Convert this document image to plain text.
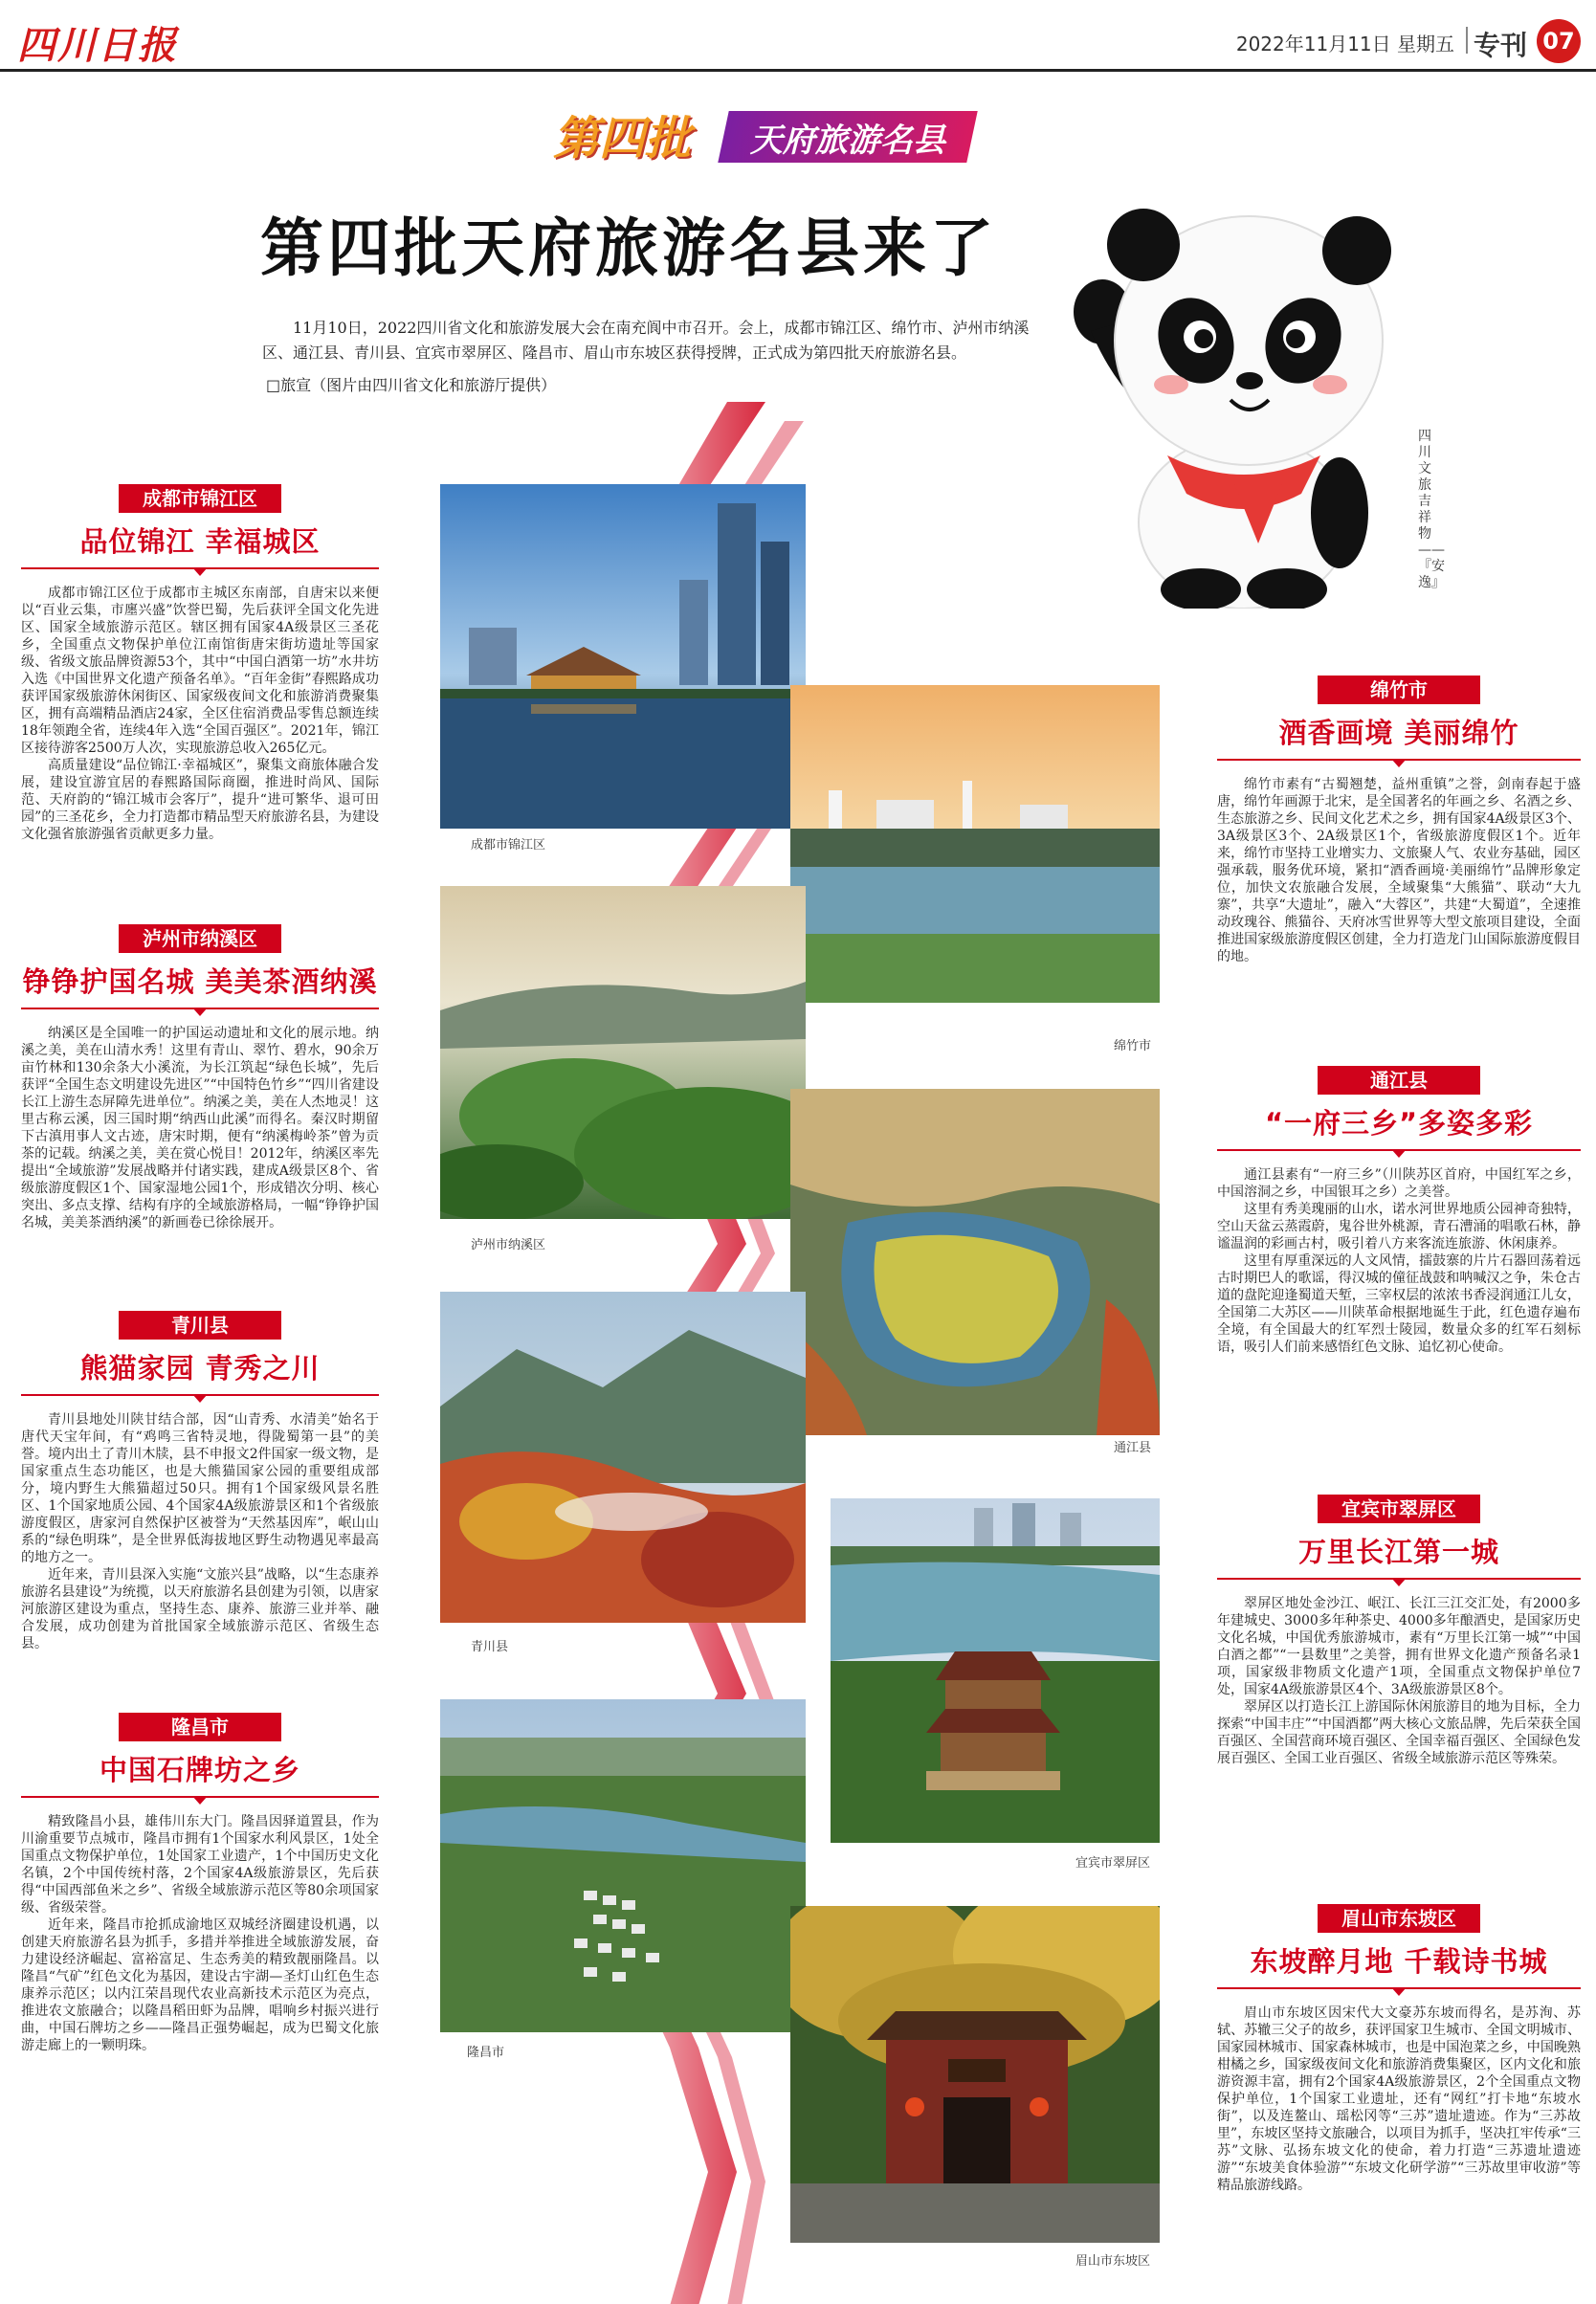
四川日报	2022年11月11日 星期五 专刊 07
第四批 天府旅游名县
第四批天府旅游名县来了

11月10日，2022四川省文化和旅游发展大会在南充阆中市召开。会上，成都市锦江区、绵竹市、泸州市纳溪区、通江县、青川县、宜宾市翠屏区、隆昌市、眉山市东坡区获得授牌，正式成为第四批天府旅游名县。

□旅宣（图片由四川省文化和旅游厅提供）
四川文旅吉祥物——『安逸』
成都市锦江区
绵竹市
泸州市纳溪区
通江县
青川县
宜宾市翠屏区
隆昌市
眉山市东坡区
成都市锦江区
品位锦江 幸福城区

成都市锦江区位于成都市主城区东南部，自唐宋以来便以“百业云集，市廛兴盛”饮誉巴蜀，先后获评全国文化先进区、国家全域旅游示范区。辖区拥有国家4A级景区三圣花乡，全国重点文物保护单位江南馆街唐宋街坊遗址等国家级、省级文旅品牌资源53个，其中“中国白酒第一坊”水井坊入选《中国世界文化遗产预备名单》。“百年金街”春熙路成功获评国家级旅游休闲街区、国家级夜间文化和旅游消费聚集区，拥有高端精品酒店24家，全区住宿消费品零售总额连续18年领跑全省，连续4年入选“全国百强区”。2021年，锦江区接待游客2500万人次，实现旅游总收入265亿元。

高质量建设“品位锦江·幸福城区”，聚集文商旅体融合发展，建设宜游宜居的春熙路国际商圈，推进时尚风、国际范、天府韵的“锦江城市会客厅”，提升“进可繁华、退可田园”的三圣花乡，全力打造都市精品型天府旅游名县，为建设文化强省旅游强省贡献更多力量。

泸州市纳溪区
铮铮护国名城 美美茶酒纳溪

纳溪区是全国唯一的护国运动遗址和文化的展示地。纳溪之美，美在山清水秀！这里有青山、翠竹、碧水，90余万亩竹林和130余条大小溪流，为长江筑起“绿色长城”，先后获评“全国生态文明建设先进区”“中国特色竹乡”“四川省建设长江上游生态屏障先进单位”。纳溪之美，美在人杰地灵！这里古称云溪，因三国时期“纳西山此溪”而得名。秦汉时期留下古滇用事人文古迹，唐宋时期，便有“纳溪梅岭茶”曾为贡茶的记载。纳溪之美，美在赏心悦目！2012年，纳溪区率先提出“全域旅游”发展战略并付诸实践，建成A级景区8个、省级旅游度假区1个、国家湿地公园1个，形成错次分明、核心突出、多点支撑、结构有序的全域旅游格局，一幅“铮铮护国名城，美美茶酒纳溪”的新画卷已徐徐展开。

青川县
熊猫家园 青秀之川

青川县地处川陕甘结合部，因“山青秀、水清美”始名于唐代天宝年间，有“鸡鸣三省特灵地，得陇蜀第一县”的美誉。境内出土了青川木牍，县不申报文2件国家一级文物，是国家重点生态功能区，也是大熊猫国家公园的重要组成部分，境内野生大熊猫超过50只。拥有1个国家级风景名胜区、1个国家地质公园、4个国家4A级旅游景区和1个省级旅游度假区，唐家河自然保护区被誉为“天然基因库”，岷山山系的“绿色明珠”，是全世界低海拔地区野生动物遇见率最高的地方之一。

近年来，青川县深入实施“文旅兴县”战略，以“生态康养旅游名县建设”为统揽，以天府旅游名县创建为引领，以唐家河旅游区建设为重点，坚持生态、康养、旅游三业并举、融合发展，成功创建为首批国家全域旅游示范区、省级生态县。

隆昌市
中国石牌坊之乡

精致隆昌小县，雄伟川东大门。隆昌因驿道置县，作为川渝重要节点城市，隆昌市拥有1个国家水利风景区，1处全国重点文物保护单位，1处国家工业遗产，1个中国历史文化名镇，2个中国传统村落，2个国家4A级旅游景区，先后获得“中国西部鱼米之乡”、省级全域旅游示范区等80余项国家级、省级荣誉。

近年来，隆昌市抢抓成渝地区双城经济圈建设机遇，以创建天府旅游名县为抓手，多措并举推进全域旅游发展，奋力建设经济崛起、富裕富足、生态秀美的精致靓丽隆昌。以隆昌“气矿”红色文化为基因，建设古宇湖—圣灯山红色生态康养示范区；以内江荣昌现代农业高新技术示范区为亮点，推进农文旅融合；以隆昌稻田虾为品牌，唱响乡村振兴进行曲，中国石牌坊之乡——隆昌正强势崛起，成为巴蜀文化旅游走廊上的一颗明珠。

绵竹市
酒香画境 美丽绵竹

绵竹市素有“古蜀翘楚，益州重镇”之誉，剑南春起于盛唐，绵竹年画源于北宋，是全国著名的年画之乡、名酒之乡、生态旅游之乡、民间文化艺术之乡，拥有国家4A级景区3个、3A级景区3个、2A级景区1个，省级旅游度假区1个。近年来，绵竹市坚持工业增实力、文旅聚人气、农业夯基础，园区强承载，服务优环境，紧扣“酒香画境·美丽绵竹”品牌形象定位，加快文农旅融合发展，全域聚集“大熊猫”、联动“大九寨”，共享“大遗址”，融入“大蓉区”，共建“大蜀道”，全速推动玫瑰谷、熊猫谷、天府冰雪世界等大型文旅项目建设，全面推进国家级旅游度假区创建，全力打造龙门山国际旅游度假目的地。

通江县
“一府三乡”多姿多彩

通江县素有“一府三乡”（川陕苏区首府，中国红军之乡，中国溶洞之乡，中国银耳之乡）之美誉。

这里有秀美瑰丽的山水，诺水河世界地质公园神奇独特，空山天盆云蒸霞蔚，鬼谷世外桃源，青石漕涌的唱歌石林，静谧温润的彩画古村，吸引着八方来客流连旅游、休闲康养。

这里有厚重深远的人文风情，擂鼓寨的片片石器回荡着远古时期巴人的歌谣，得汉城的僮征战鼓和呐喊汉之争，朱仓古道的盘陀迎逢蜀道天堑，三宰权层的浓浓书香浸润通江儿女，全国第二大苏区——川陕革命根据地诞生于此，红色遗存遍布全境，有全国最大的红军烈士陵园，数量众多的红军石刻标语，吸引人们前来感悟红色文脉、追忆初心使命。

宜宾市翠屏区
万里长江第一城

翠屏区地处金沙江、岷江、长江三江交汇处，有2000多年建城史、3000多年种茶史、4000多年酿酒史，是国家历史文化名城，中国优秀旅游城市，素有“万里长江第一城”“中国白酒之都”“一县数里”之美誉，拥有世界文化遗产预备名录1项，国家级非物质文化遗产1项，全国重点文物保护单位7处，国家4A级旅游景区4个、3A级旅游景区8个。

翠屏区以打造长江上游国际休闲旅游目的地为目标，全力探索“中国丰庄”“中国酒都”两大核心文旅品牌，先后荣获全国百强区、全国营商环境百强区、全国幸福百强区、全国绿色发展百强区、全国工业百强区、省级全域旅游示范区等殊荣。

眉山市东坡区
东坡醉月地 千载诗书城

眉山市东坡区因宋代大文豪苏东坡而得名，是苏洵、苏轼、苏辙三父子的故乡，获评国家卫生城市、全国文明城市、国家园林城市、国家森林城市，也是中国泡菜之乡，中国晚熟柑橘之乡，国家级夜间文化和旅游消费集聚区，区内文化和旅游资源丰富，拥有2个国家4A级旅游景区，2个全国重点文物保护单位，1个国家工业遗址，还有“网红”打卡地“东坡水街”，以及连鳌山、瑶松冈等“三苏”遗址遗迹。作为“三苏故里”，东坡区坚持文旅融合，以项目为抓手，坚决扛牢传承“三苏”文脉、弘扬东坡文化的使命，着力打造“三苏遗址遗迹游”“东坡美食体验游”“东坡文化研学游”“三苏故里审收游”等精品旅游线路。
